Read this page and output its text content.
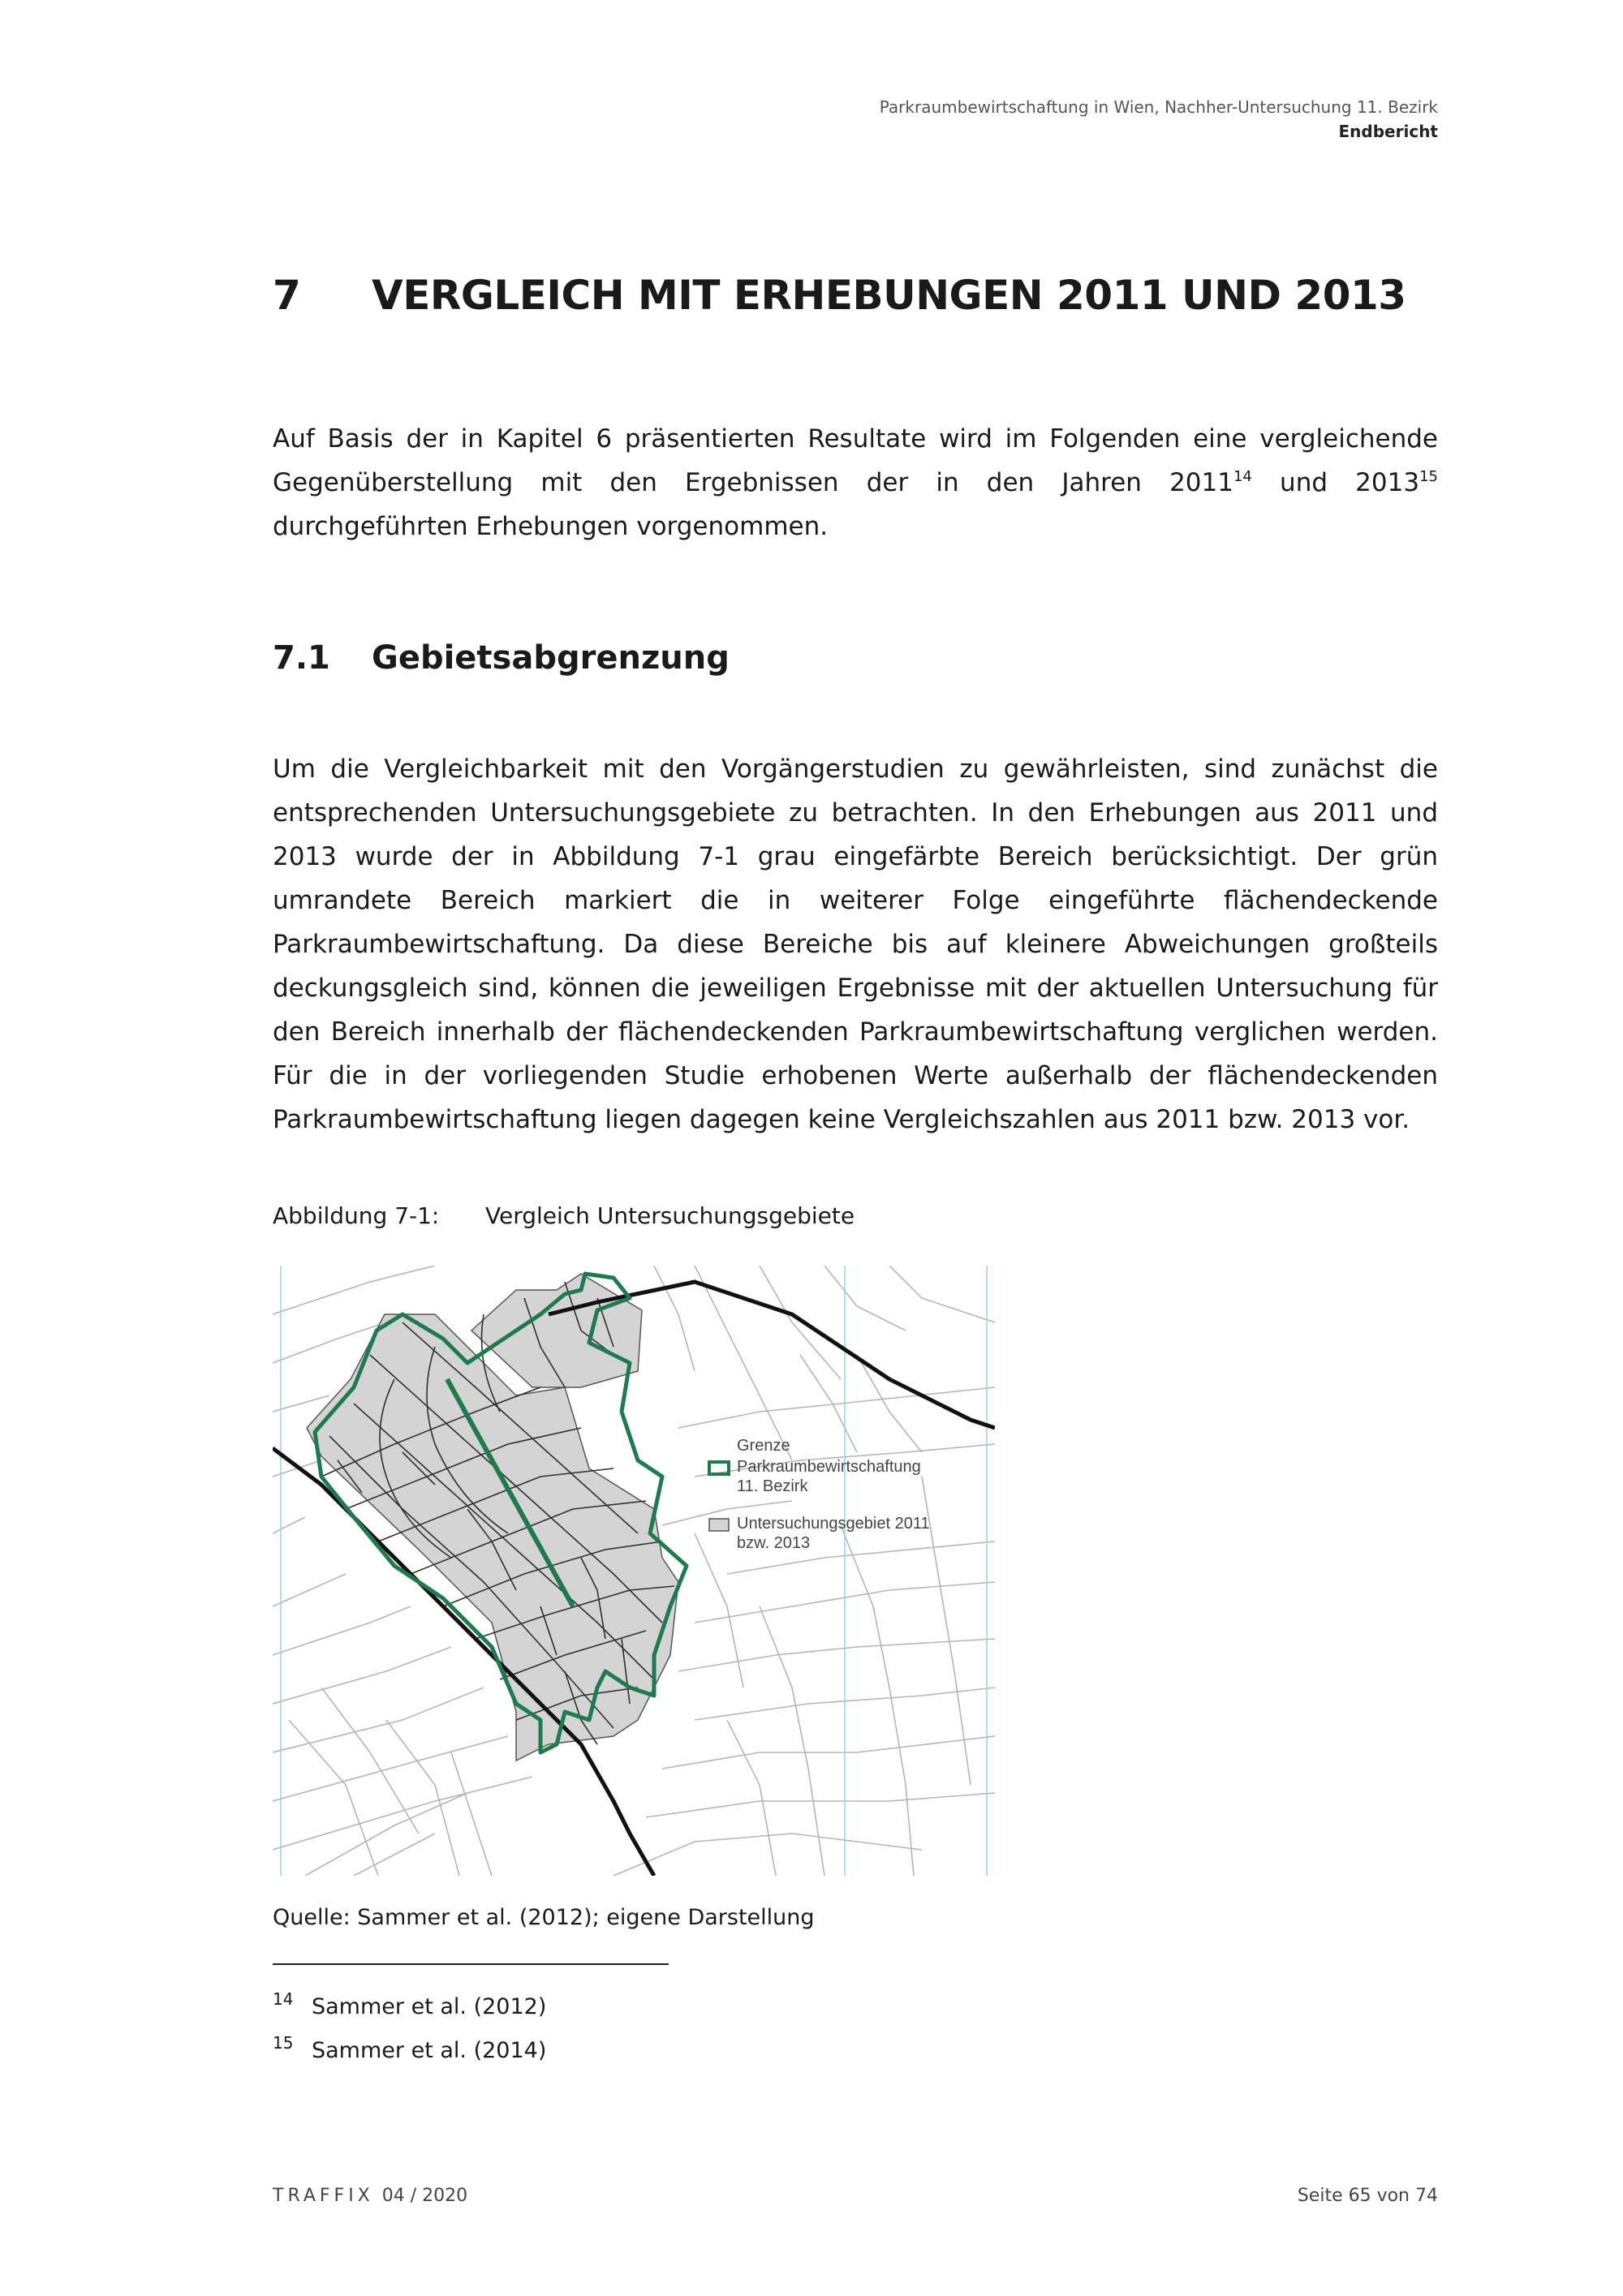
Parkraumbewirtschaftung in Wien, Nachher-Untersuchung 11. Bezirk
Endbericht
7 VERGLEICH MIT ERHEBUNGEN 2011 UND 2013
Auf Basis der in Kapitel 6 präsentierten Resultate wird im Folgenden eine vergleichende Gegenüberstellung mit den Ergebnissen der in den Jahren 2011$^{14}$ und 2013$^{15}$ durchgeführten Erhebungen vorgenommen.
7.1 Gebietsabgrenzung
Um die Vergleichbarkeit mit den Vorgängerstudien zu gewährleisten, sind zunächst die entsprechenden Untersuchungsgebiete zu betrachten. In den Erhebungen aus 2011 und 2013 wurde der in Abbildung 7-1 grau eingefärbte Bereich berücksichtigt. Der grün umrandete Bereich markiert die in weiterer Folge eingeführte flächendeckende Parkraumbewirtschaftung. Da diese Bereiche bis auf kleinere Abweichungen großteils deckungsgleich sind, können die jeweiligen Ergebnisse mit der aktuellen Untersuchung für den Bereich innerhalb der flächendeckenden Parkraumbewirtschaftung verglichen werden. Für die in der vorliegenden Studie erhobenen Werte außerhalb der flächendeckenden Parkraumbewirtschaftung liegen dagegen keine Vergleichszahlen aus 2011 bzw. 2013 vor.
Abbildung 7-1: Vergleich Untersuchungsgebiete
Grenze
Parkraumbewirtschaftung
11. Bezirk
Untersuchungsgebiet 2011
bzw. 2013
Quelle: Sammer et al. (2012); eigene Darstellung
14 Sammer et al. (2012)
15 Sammer et al. (2014)
TRAFFIX 04 / 2020	Seite 65 von 74
